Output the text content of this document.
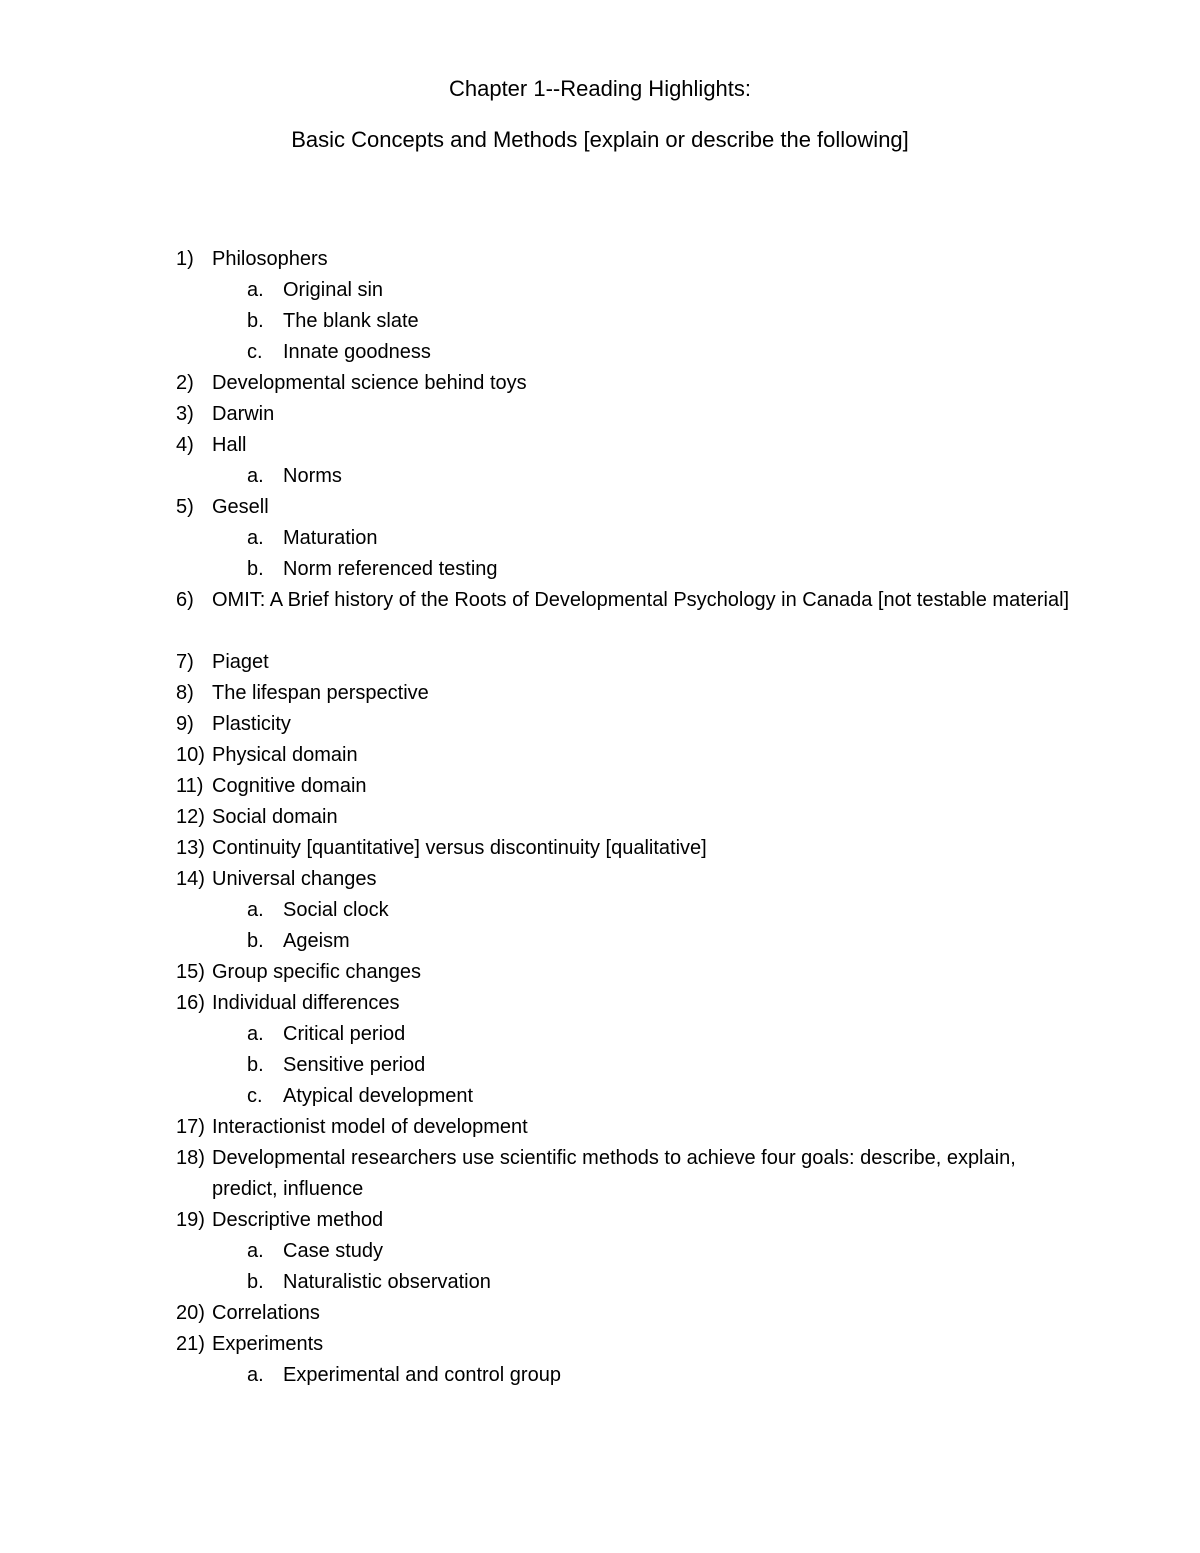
Chapter 1--Reading Highlights:
Basic Concepts and Methods [explain or describe the following]
1) Philosophers
a. Original sin
b. The blank slate
c. Innate goodness
2) Developmental science behind toys
3) Darwin
4) Hall
a. Norms
5) Gesell
a. Maturation
b. Norm referenced testing
6) OMIT: A Brief history of the Roots of Developmental Psychology in Canada [not testable material]
7) Piaget
8) The lifespan perspective
9) Plasticity
10) Physical domain
11) Cognitive domain
12) Social domain
13) Continuity [quantitative] versus discontinuity [qualitative]
14) Universal changes
a. Social clock
b. Ageism
15) Group specific changes
16) Individual differences
a. Critical period
b. Sensitive period
c. Atypical development
17) Interactionist model of development
18) Developmental researchers use scientific methods to achieve four goals: describe, explain, predict, influence
19) Descriptive method
a. Case study
b. Naturalistic observation
20) Correlations
21) Experiments
a. Experimental and control group
